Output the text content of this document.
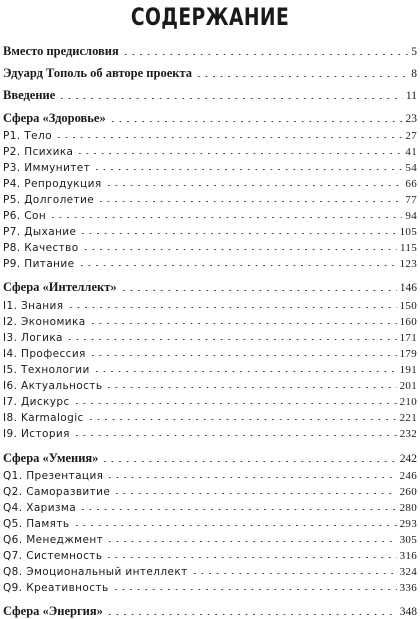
СОДЕРЖАНИЕ
Вместо предисловия	5
Эдуард Тополь об авторе проекта	8
Введение	11
Сфера «Здоровье»	23
P1. Тело	27
P2. Психика	41
P3. Иммунитет	54
P4. Репродукция	66
P5. Долголетие	77
P6. Сон	94
P7. Дыхание	105
P8. Качество	115
P9. Питание	123
Сфера «Интеллект»	146
I1. Знания	150
I2. Экономика	160
I3. Логика	171
I4. Профессия	179
I5. Технологии	191
I6. Актуальность	201
I7. Дискурс	210
I8. Karmalogic	221
I9. История	232
Сфера «Умения»	242
Q1. Презентация	246
Q2. Саморазвитие	260
Q4. Харизма	280
Q5. Память	293
Q6. Менеджмент	305
Q7. Системность	316
Q8. Эмоциональный интеллект	324
Q9. Креативность	336
Сфера «Энергия»	348
